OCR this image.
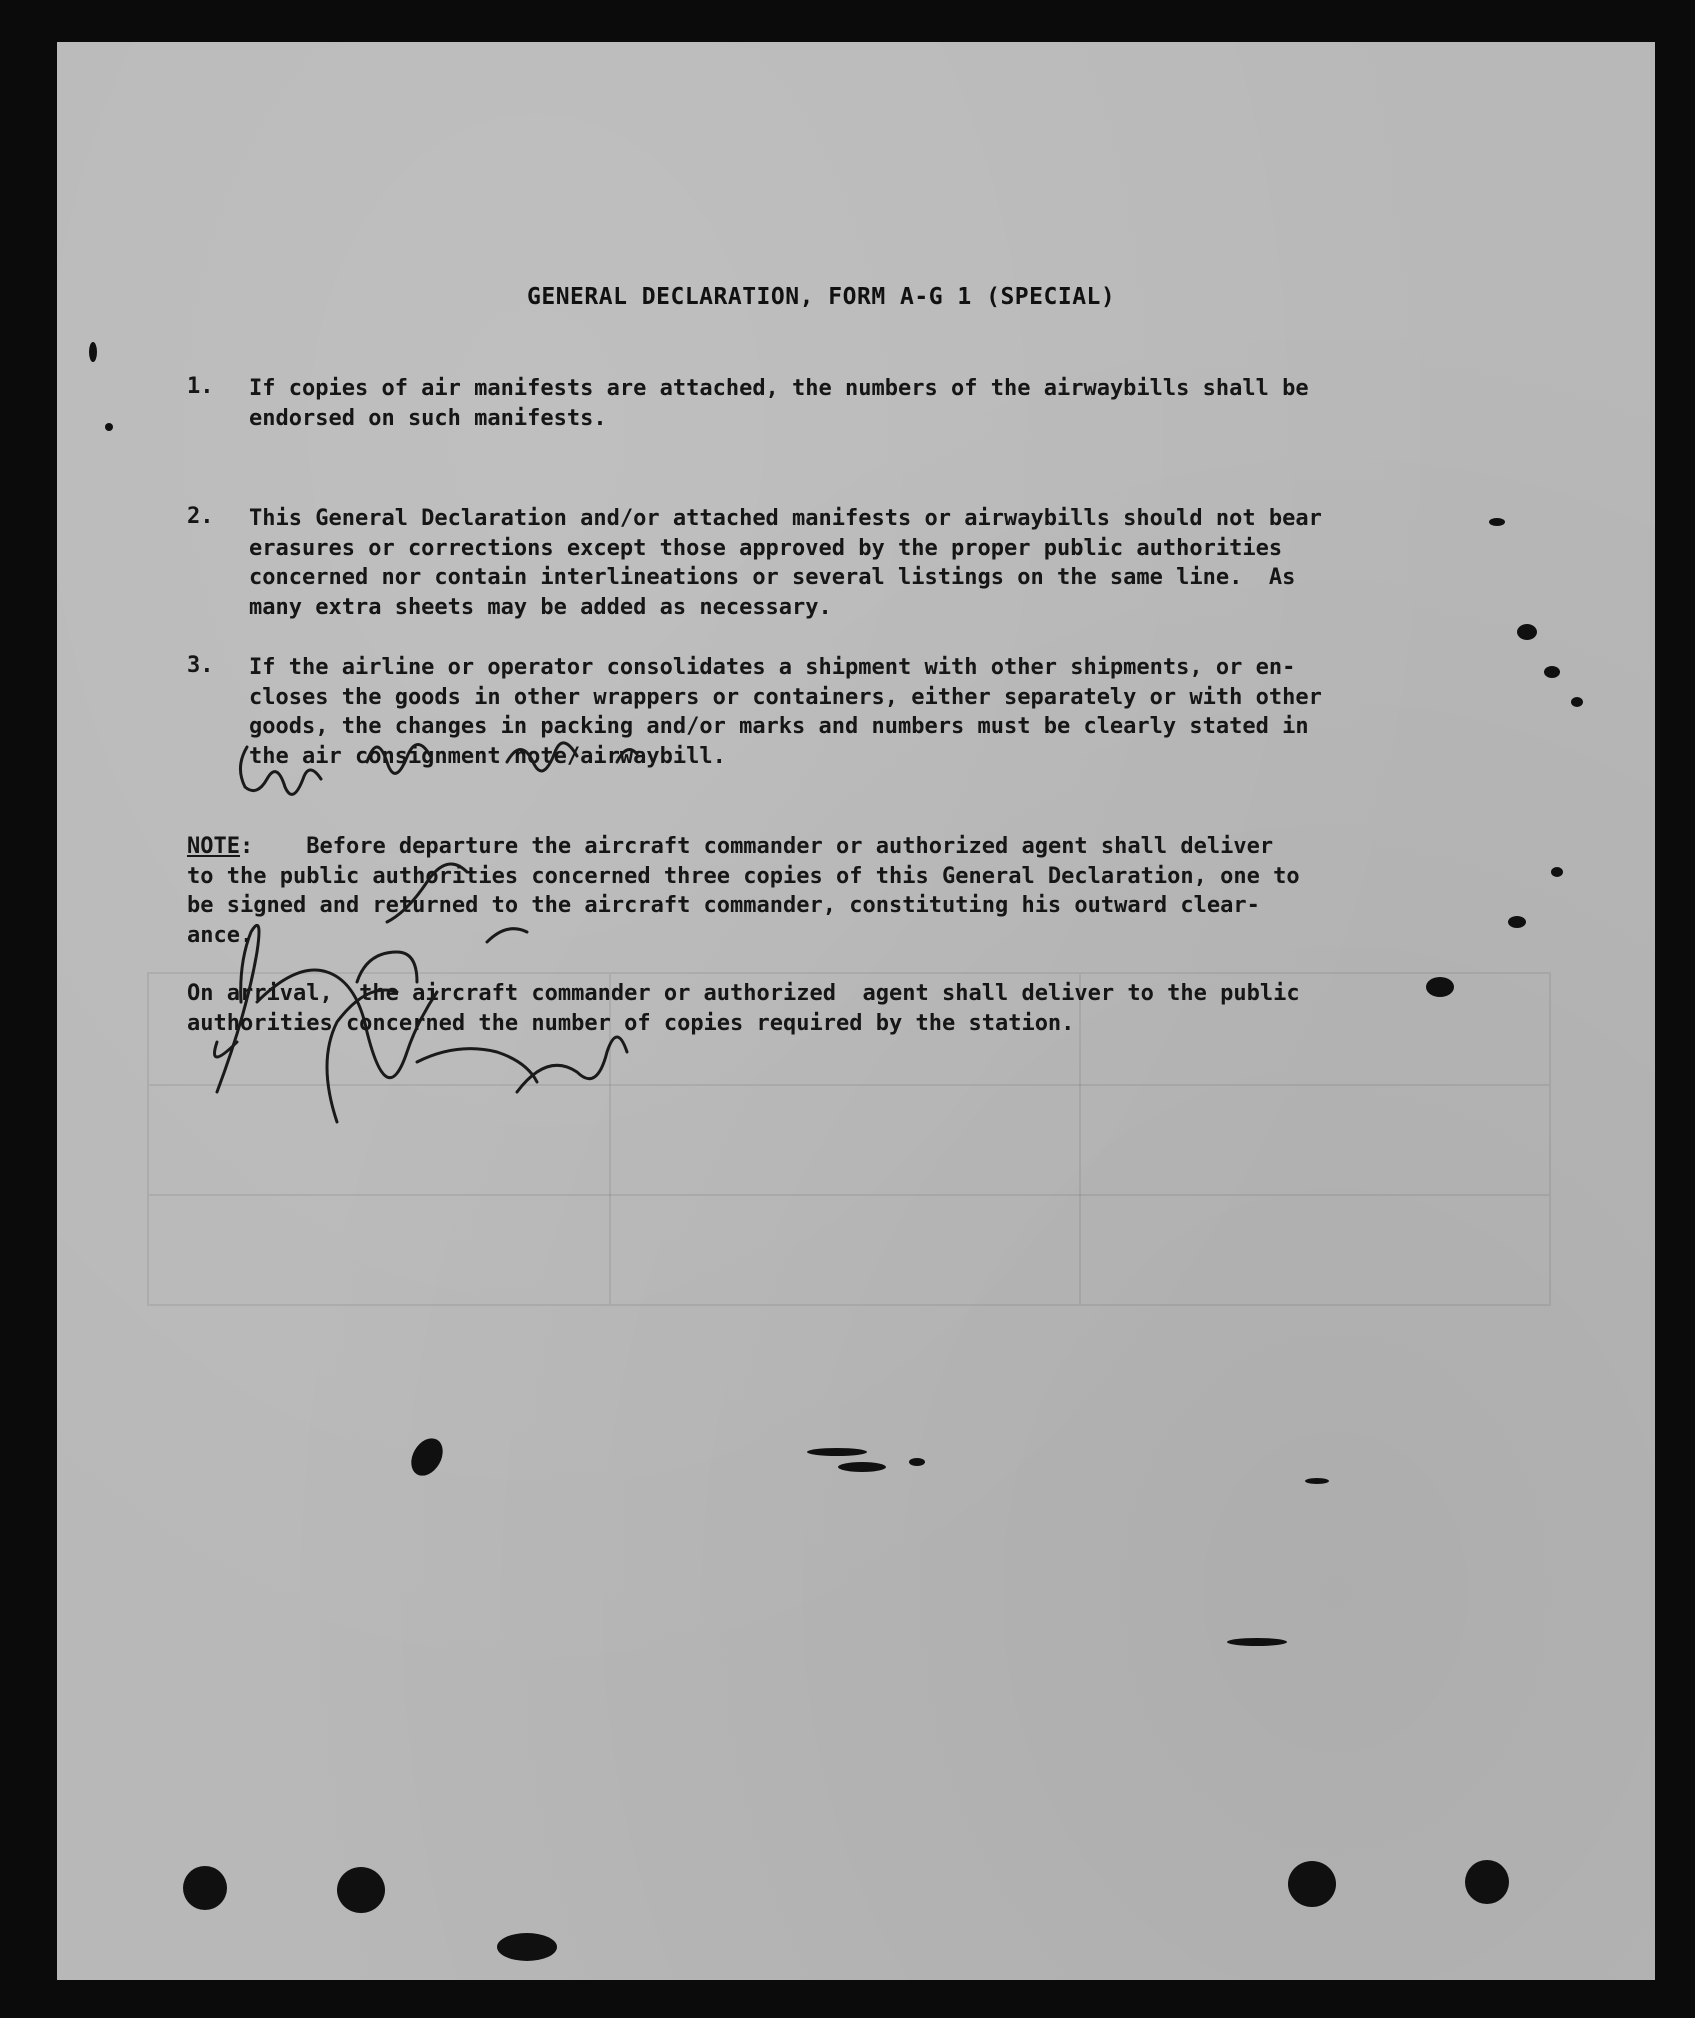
GENERAL DECLARATION, FORM A-G 1 (SPECIAL)
1.	If copies of air manifests are attached, the numbers of the airwaybills shall be
endorsed on such manifests.
2.	This General Declaration and/or attached manifests or airwaybills should not bear
erasures or corrections except those approved by the proper public authorities
concerned nor contain interlineations or several listings on the same line.  As
many extra sheets may be added as necessary.
3.	If the airline or operator consolidates a shipment with other shipments, or en-
closes the goods in other wrappers or containers, either separately or with other
goods, the changes in packing and/or marks and numbers must be clearly stated in
the air consignment note/airwaybill.
NOTE:    Before departure the aircraft commander or authorized agent shall deliver
to the public authorities concerned three copies of this General Declaration, one to
be signed and returned to the aircraft commander, constituting his outward clear-
ance.
On arrival,  the aircraft commander or authorized  agent shall deliver to the public
authorities concerned the number of copies required by the station.
